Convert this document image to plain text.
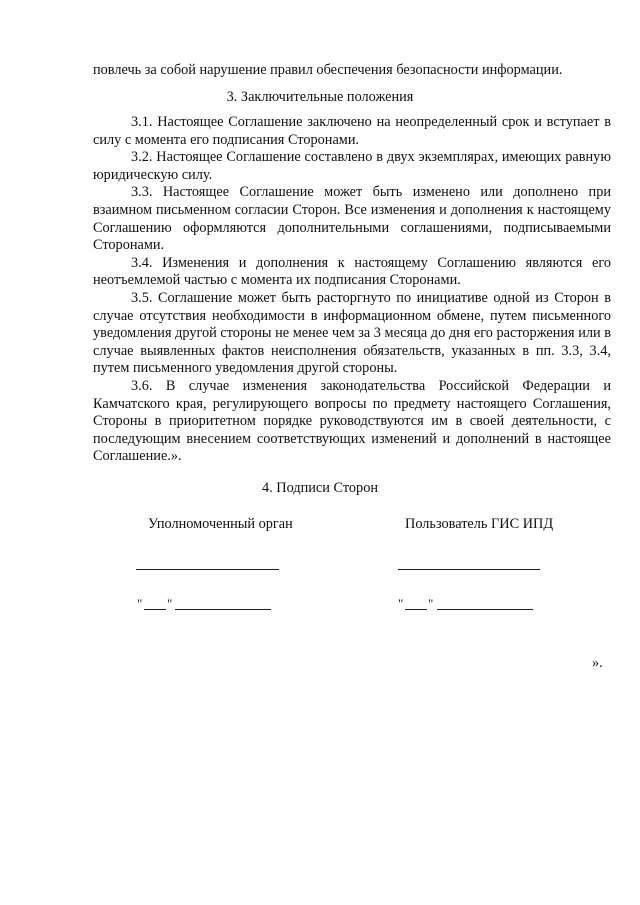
повлечь за собой нарушение правил обеспечения безопасности информации.

3. Заключительные положения

3.1. Настоящее Соглашение заключено на неопределенный срок и вступает в силу с момента его подписания Сторонами.

3.2. Настоящее Соглашение составлено в двух экземплярах, имеющих равную юридическую силу.

3.3. Настоящее Соглашение может быть изменено или дополнено при взаимном письменном согласии Сторон. Все изменения и дополнения к настоящему Соглашению оформляются дополнительными соглашениями, подписываемыми Сторонами.

3.4. Изменения и дополнения к настоящему Соглашению являются его неотъемлемой частью с момента их подписания Сторонами.

3.5. Соглашение может быть расторгнуто по инициативе одной из Сторон в случае отсутствия необходимости в информационном обмене, путем письменного уведомления другой стороны не менее чем за 3 месяца до дня его расторжения или в случае выявленных фактов неисполнения обязательств, указанных в пп. 3.3, 3.4, путем письменного уведомления другой стороны.

3.6. В случае изменения законодательства Российской Федерации и Камчатского края, регулирующего вопросы по предмету настоящего Соглашения, Стороны в приоритетном порядке руководствуются им в своей деятельности, с последующим внесением соответствующих изменений и дополнений в настоящее Соглашение.».

4. Подписи Сторон
Уполномоченный орган	Пользователь ГИС ИПД
" "	" "
».
